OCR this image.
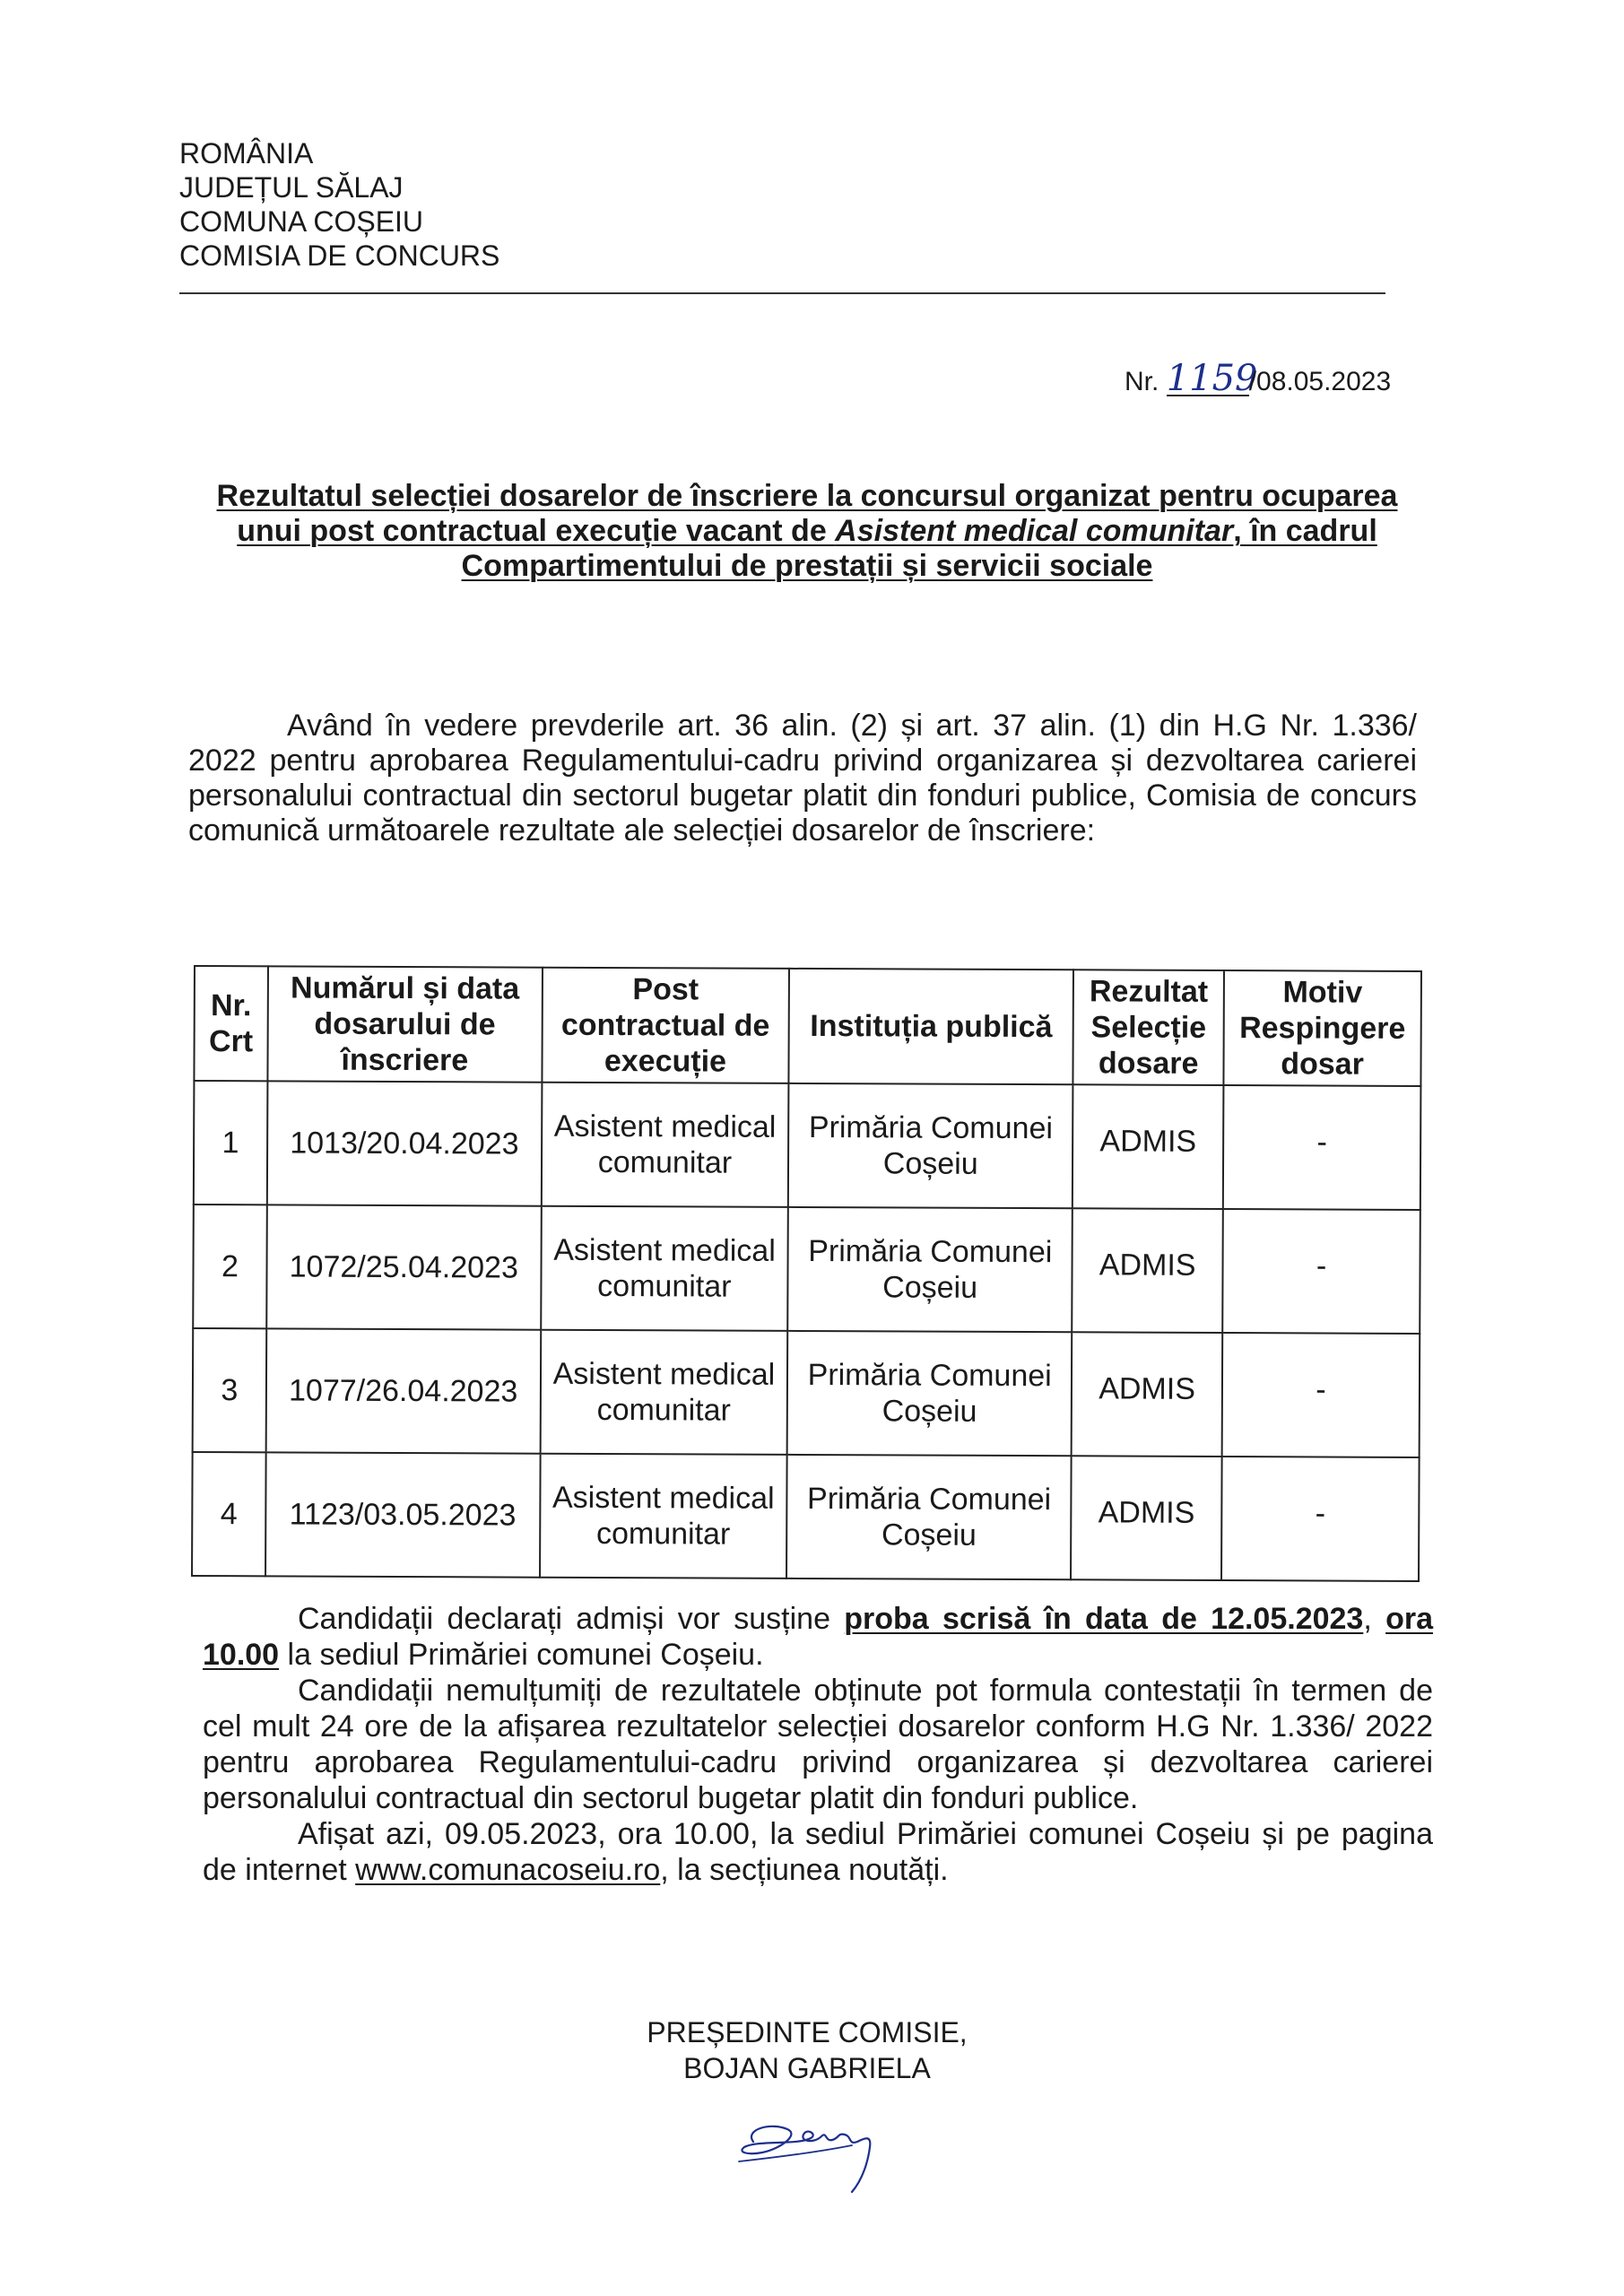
ROMÂNIA
JUDEȚUL SĂLAJ
COMUNA COȘEIU
COMISIA DE CONCURS
Nr. 1159/08.05.2023
Rezultatul selecției dosarelor de înscriere la concursul organizat pentru ocuparea unui post contractual execuție vacant de Asistent medical comunitar, în cadrul Compartimentului de prestații și servicii sociale
Având în vedere prevderile art. 36 alin. (2) și art. 37 alin. (1) din H.G Nr. 1.336/ 2022 pentru aprobarea Regulamentului-cadru privind organizarea și dezvoltarea carierei personalului contractual din sectorul bugetar platit din fonduri publice, Comisia de concurs comunică următoarele rezultate ale selecției dosarelor de înscriere:
Nr. Crt	Numărul și data dosarului de înscriere	Post contractual de execuție	Instituția publică	Rezultat Selecție dosare	Motiv Respingere dosar
1	1013/20.04.2023	Asistent medical comunitar	Primăria Comunei Coșeiu	ADMIS	-
2	1072/25.04.2023	Asistent medical comunitar	Primăria Comunei Coșeiu	ADMIS	-
3	1077/26.04.2023	Asistent medical comunitar	Primăria Comunei Coșeiu	ADMIS	-
4	1123/03.05.2023	Asistent medical comunitar	Primăria Comunei Coșeiu	ADMIS	-

Candidații declarați admiși vor susține proba scrisă în data de 12.05.2023, ora 10.00 la sediul Primăriei comunei Coșeiu.

Candidații nemulțumiți de rezultatele obținute pot formula contestații în termen de cel mult 24 ore de la afișarea rezultatelor selecției dosarelor conform H.G Nr. 1.336/ 2022 pentru aprobarea Regulamentului-cadru privind organizarea și dezvoltarea carierei personalului contractual din sectorul bugetar platit din fonduri publice.

Afișat azi, 09.05.2023, ora 10.00, la sediul Primăriei comunei Coșeiu și pe pagina de internet www.comunacoseiu.ro, la secțiunea noutăți.

PREȘEDINTE COMISIE,
BOJAN GABRIELA
